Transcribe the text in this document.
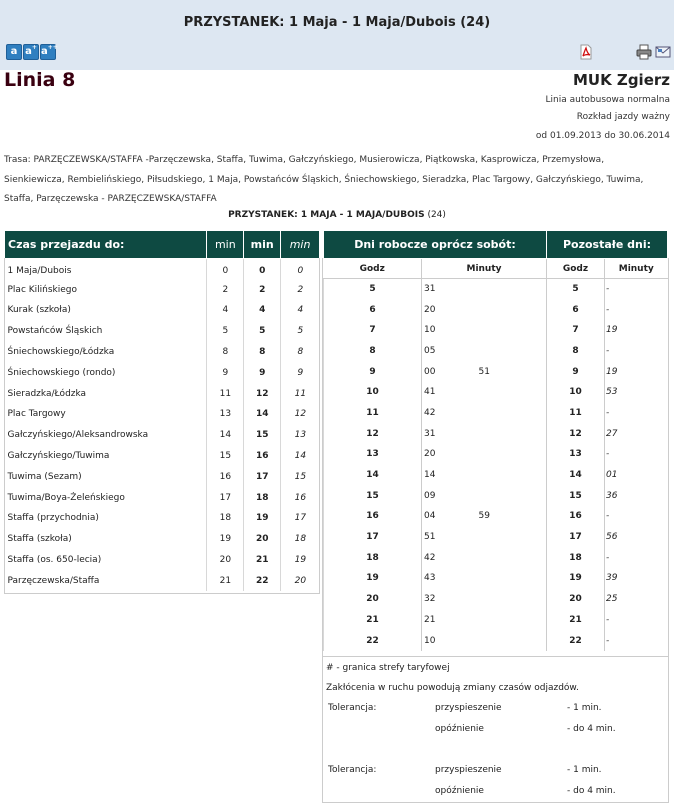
PRZYSTANEK: 1 Maja - 1 Maja/Dubois (24)
a a+ a++
Linia 8	MUK Zgierz
Linia autobusowa normalna
Rozkład jazdy ważny
od 01.09.2013 do 30.06.2014
Trasa: PARZĘCZEWSKA/STAFFA -Parzęczewska, Staffa, Tuwima, Gałczyńskiego, Musierowicza, Piątkowska, Kasprowicza, Przemysłowa, Sienkiewicza, Rembielińskiego, Piłsudskiego, 1 Maja, Powstańców Śląskich, Śniechowskiego, Sieradzka, Plac Targowy, Gałczyńskiego, Tuwima, Staffa, Parzęczewska - PARZĘCZEWSKA/STAFFA
PRZYSTANEK: 1 MAJA - 1 MAJA/DUBOIS (24)
Czas przejazdu do:	min	min	min
1 Maja/Dubois	0	0	0
Plac Kilińskiego	2	2	2
Kurak (szkoła)	4	4	4
Powstańców Śląskich	5	5	5
Śniechowskiego/Łódzka	8	8	8
Śniechowskiego (rondo)	9	9	9
Sieradzka/Łódzka	11	12	11
Plac Targowy	13	14	12
Gałczyńskiego/Aleksandrowska	14	15	13
Gałczyńskiego/Tuwima	15	16	14
Tuwima (Sezam)	16	17	15
Tuwima/Boya-Żeleńskiego	17	18	16
Staffa (przychodnia)	18	19	17
Staffa (szkoła)	19	20	18
Staffa (os. 650-lecia)	20	21	19
Parzęczewska/Staffa	21	22	20
Dni robocze oprócz sobót:			Pozostałe dni:	
Godz	Minuty		Godz	Minuty
5	31		5	-
6	20		6	-
7	10		7	19
8	05		8	-
9	00	51	9	19
10	41		10	53
11	42		11	-
12	31		12	27
13	20		13	-
14	14		14	01
15	09		15	36
16	04	59	16	-
17	51		17	56
18	42		18	-
19	43		19	39
20	32		20	25
21	21		21	-
22	10		22	-
# - granica strefy taryfowej
Zakłócenia w ruchu powodują zmiany czasów odjazdów.
Tolerancja:	przyspieszenie	- 1 min.
opóźnienie	- do 4 min.
Tolerancja:	przyspieszenie	- 1 min.
opóźnienie	- do 4 min.
